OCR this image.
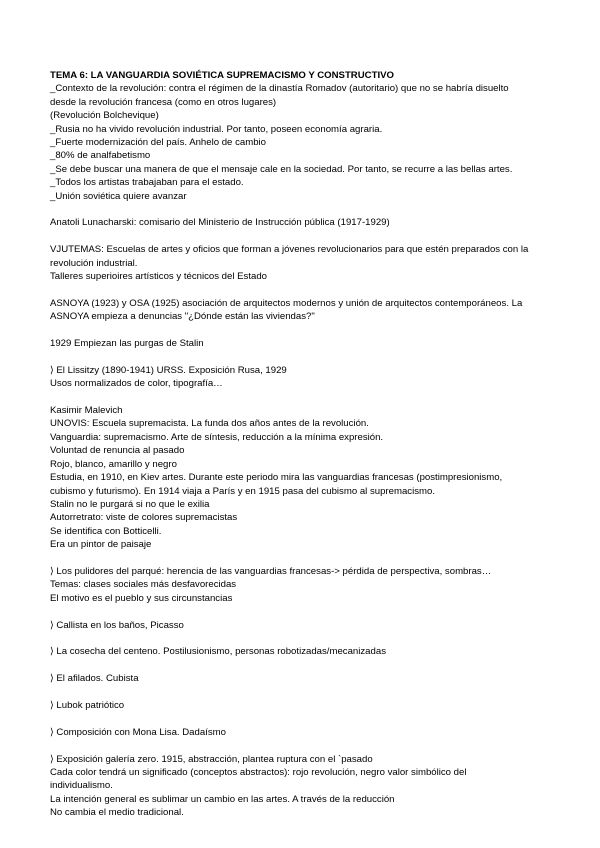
TEMA 6: LA VANGUARDIA SOVIÉTICA SUPREMACISMO Y CONSTRUCTIVO
_Contexto de la revolución: contra el régimen de la dinastía Romadov (autoritario) que no se habría disuelto
desde la revolución francesa (como en otros lugares)
(Revolución Bolchevique)
_Rusia no ha vivido revolución industrial. Por tanto, poseen economía agraria.
_Fuerte modernización del país. Anhelo de cambio
_80% de analfabetismo
_Se debe buscar una manera de que el mensaje cale en la sociedad. Por tanto, se recurre a las bellas artes.
_Todos los artistas trabajaban para el estado.
_Unión soviética quiere avanzar
Anatoli Lunacharski: comisario del Ministerio de Instrucción pública (1917-1929)
VJUTEMAS: Escuelas de artes y oficios que forman a jóvenes revolucionarios para que estén preparados con la
revolución industrial.
Talleres superioires artísticos y técnicos del Estado
ASNOYA (1923) y OSA (1925) asociación de arquitectos modernos y unión de arquitectos contemporáneos. La
ASNOYA empieza a denuncias "¿Dónde están las viviendas?"
1929 Empiezan las purgas de Stalin
⟩ El Lissitzy (1890-1941) URSS. Exposición Rusa, 1929
Usos normalizados de color, tipografía…
Kasimir Malevich
UNOVIS: Escuela supremacista. La funda dos años antes de la revolución.
Vanguardia: supremacismo. Arte de síntesis, reducción a la mínima expresión.
Voluntad de renuncia al pasado
Rojo, blanco, amarillo y negro
Estudia, en 1910, en Kiev artes. Durante este periodo mira las vanguardias francesas (postimpresionismo,
cubismo y futurismo). En 1914 viaja a París y en 1915 pasa del cubismo al supremacismo.
Stalin no le purgará si no que le exilia
Autorretrato: viste de colores supremacistas
Se identifica con Botticelli.
Era un pintor de paisaje
⟩ Los pulidores del parqué: herencia de las vanguardias francesas-> pérdida de perspectiva, sombras…
Temas: clases sociales más desfavorecidas
El motivo es el pueblo y sus circunstancias
⟩ Callista en los baños, Picasso
⟩ La cosecha del centeno. Postilusionismo, personas robotizadas/mecanizadas
⟩ El afilados. Cubista
⟩ Lubok patriótico
⟩ Composición con Mona Lisa. Dadaísmo
⟩ Exposición galería zero. 1915, abstracción, plantea ruptura con el `pasado
Cada color tendrá un significado (conceptos abstractos): rojo revolución, negro valor simbólico del
individualismo.
La intención general es sublimar un cambio en las artes. A través de la reducción
No cambia el medio tradicional.
